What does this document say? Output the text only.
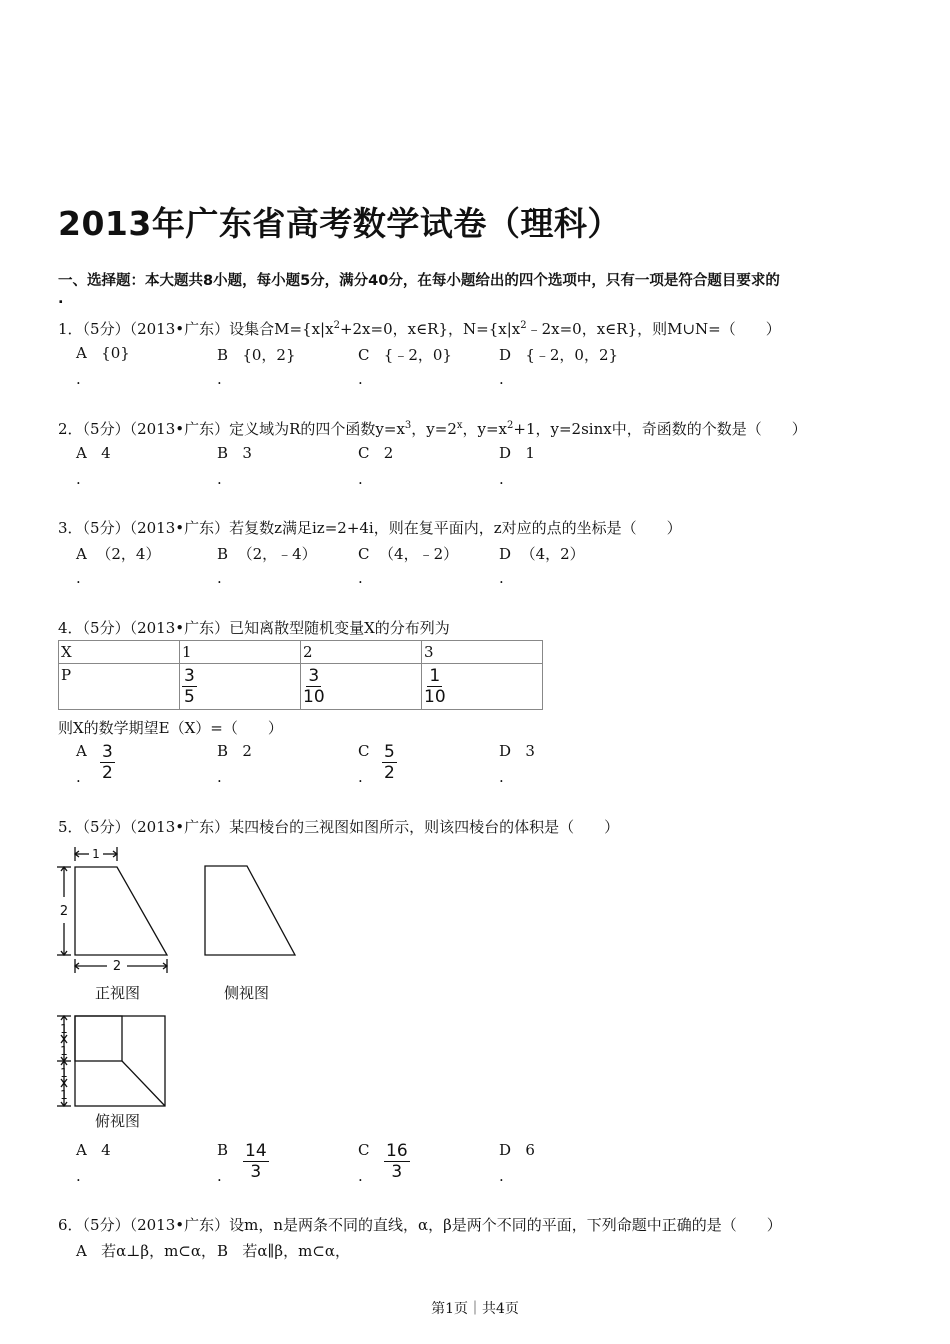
2013年广东省高考数学试卷（理科）
一、选择题：本大题共8小题，每小题5分，满分40分，在每小题给出的四个选项中，只有一项是符合题目要求的
.
1．（5分）（2013•广东）设集合$M=\{x|x^2+2x=0$，x∈R}，$N=\{x|x^2﹣2x=0$，x∈R}，则M∪N=（　　）
A {0}	B {0，2}	C {﹣2，0}	D {﹣2，0，2}
.	.	.	.
2．（5分）（2013•广东）定义域为R的四个函数$y=x^3$，$y=2^x$，$y=x^2+1$，y=2sinx中，奇函数的个数是（　　）
A 4	B 3	C 2	D 1
.	.	.	.
3．（5分）（2013•广东）若复数z满足iz=2+4i，则在复平面内，z对应的点的坐标是（　　）
A （2，4）	B （2，﹣4）	C （4，﹣2）	D （4，2）
.	.	.	.
4．（5分）（2013•广东）已知离散型随机变量X的分布列为
X	1	2	3
P	$\frac{3}{5}$	$\frac{3}{10}$	$\frac{1}{10}$
则X的数学期望E（X）=（　　）
A $\frac{3}{2}$	B 2	C $\frac{5}{2}$	D 3
.	.	.	.
5．（5分）（2013•广东）某四棱台的三视图如图所示，则该四棱台的体积是（　　）
1
2
2
正视图	侧视图
1
1
1
1
俯视图
A 4	B $\frac{14}{3}$	C $\frac{16}{3}$	D 6
.	.	.	.
6．（5分）（2013•广东）设m，n是两条不同的直线，α，β是两个不同的平面，下列命题中正确的是（　　）
A 若α⊥β，m⊂α， B 若α∥β，m⊂α，
第1页｜共4页
